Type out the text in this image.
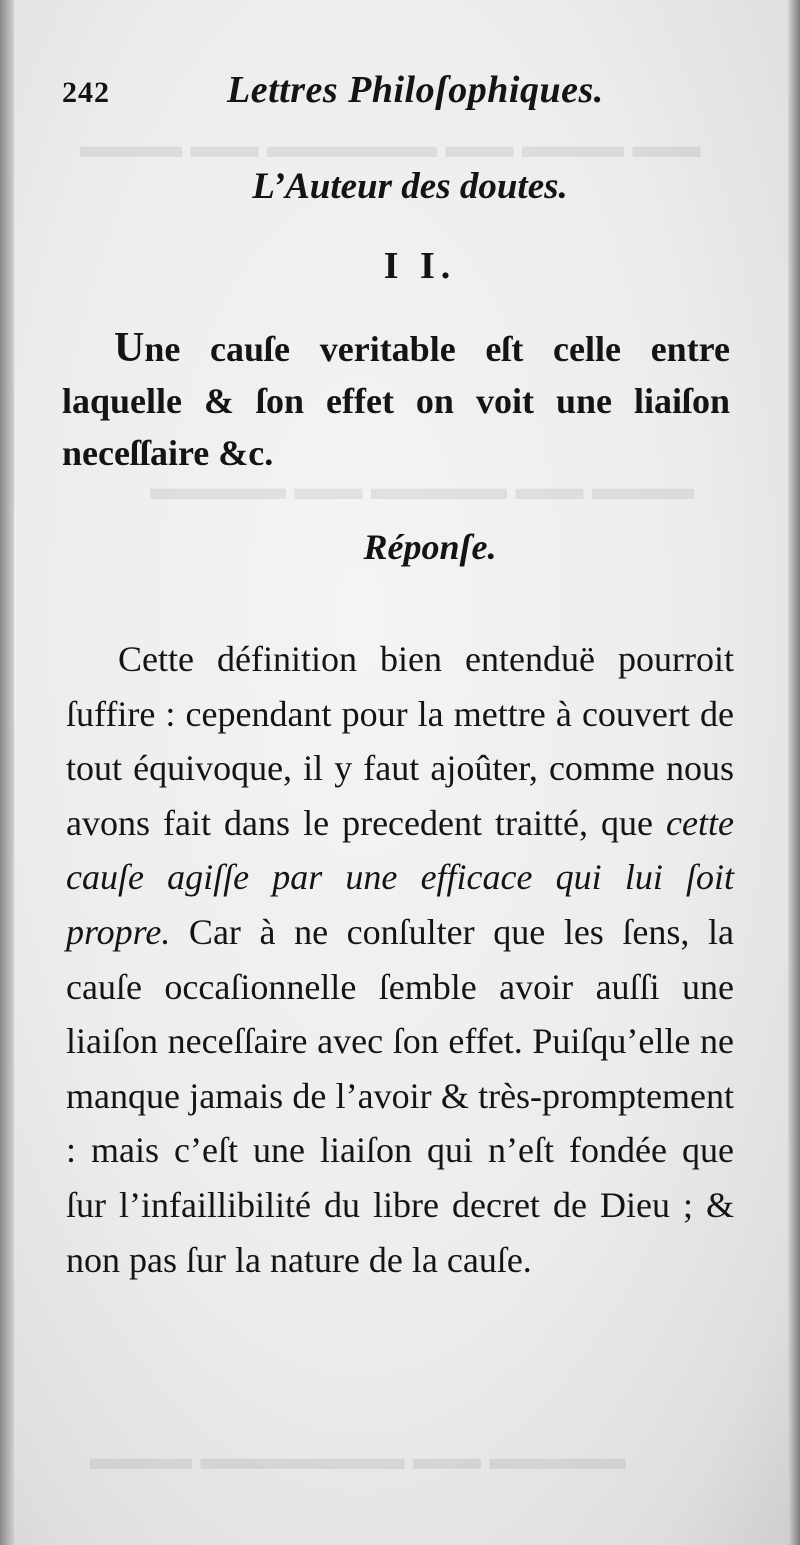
▬▬ ▬▬▬ ▬▬ ▬▬▬▬▬ ▬▬ ▬▬▬
▬▬▬ ▬▬ ▬▬▬▬ ▬▬ ▬▬▬▬
▬▬▬▬ ▬▬ ▬▬▬▬▬▬ ▬▬▬
242	Lettres Philoſophiques.
L’Auteur des doutes.
I I.

Une cauſe veritable eſt celle entre laquelle & ſon effet on voit une liaiſon neceſſaire &c.

Réponſe.

Cette définition bien entenduë pourroit ſuffire : cependant pour la mettre à couvert de tout équivoque, il y faut ajoûter, comme nous avons fait dans le precedent traitté, que cette cauſe agiſſe par une efficace qui lui ſoit propre. Car à ne conſulter que les ſens, la cauſe occaſionnelle ſemble avoir auſſi une liaiſon neceſſaire avec ſon effet. Puiſqu’elle ne manque jamais de l’avoir & très-promptement : mais c’eſt une liaiſon qui n’eſt fondée que ſur l’infaillibilité du libre decret de Dieu ; & non pas ſur la nature de la cauſe.
